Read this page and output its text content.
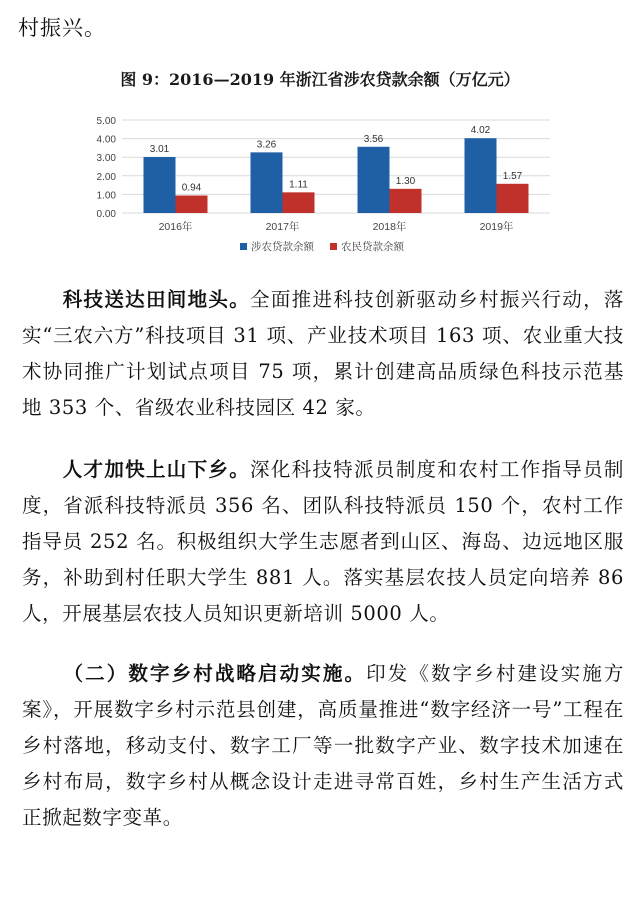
村振兴。
图 9：2016—2019 年浙江省涉农贷款余额（万亿元）
5.00
4.00
3.00
2.00
1.00
0.00
3.01
0.94
2016年
3.26
1.11
2017年
3.56
1.30
2018年
4.02
1.57
2019年
涉农贷款余额	农民贷款余额
科技送达田间地头。全面推进科技创新驱动乡村振兴行动，落实“三农六方”科技项目 31 项、产业技术项目 163 项、农业重大技术协同推广计划试点项目 75 项，累计创建高品质绿色科技示范基地 353 个、省级农业科技园区 42 家。
人才加快上山下乡。深化科技特派员制度和农村工作指导员制度，省派科技特派员 356 名、团队科技特派员 150 个，农村工作指导员 252 名。积极组织大学生志愿者到山区、海岛、边远地区服务，补助到村任职大学生 881 人。落实基层农技人员定向培养 86 人，开展基层农技人员知识更新培训 5000 人。
（二）数字乡村战略启动实施。印发《数字乡村建设实施方案》，开展数字乡村示范县创建，高质量推进“数字经济一号”工程在乡村落地，移动支付、数字工厂等一批数字产业、数字技术加速在乡村布局，数字乡村从概念设计走进寻常百姓，乡村生产生活方式正掀起数字变革。
